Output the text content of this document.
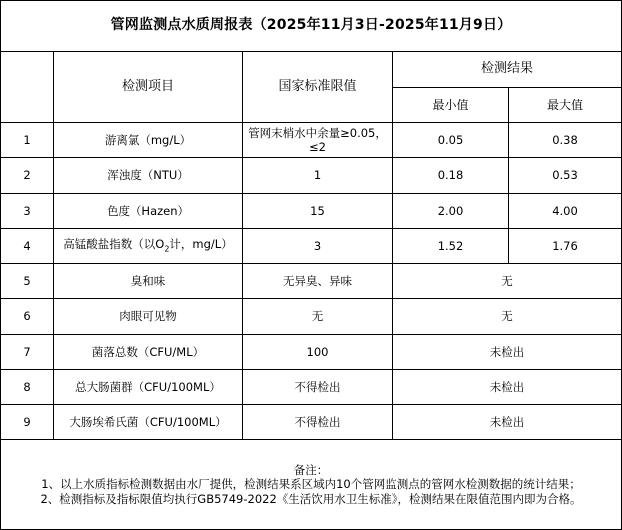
管网监测点水质周报表（2025年11月3日-2025年11月9日）				
	检测项目	国家标准限值	检测结果	
			最小值	最大值
1	游离氯（mg/L）	管网末梢水中余量≥0.05，≤2	0.05	0.38
2	浑浊度（NTU）	1	0.18	0.53
3	色度（Hazen）	15	2.00	4.00
4	高锰酸盐指数（以$O_2$计，mg/L）	3	1.52	1.76
5	臭和味	无异臭、异味	无	
6	肉眼可见物	无	无	
7	菌落总数（CFU/ML）	100	未检出	
8	总大肠菌群（CFU/100ML）	不得检出	未检出	
9	大肠埃希氏菌（CFU/100ML）	不得检出	未检出	

备注：
1、以上水质指标检测数据由水厂提供，检测结果系区域内10个管网监测点的管网水检测数据的统计结果；
2、检测指标及指标限值均执行GB5749-2022《生活饮用水卫生标准》，检测结果在限值范围内即为合格。				
